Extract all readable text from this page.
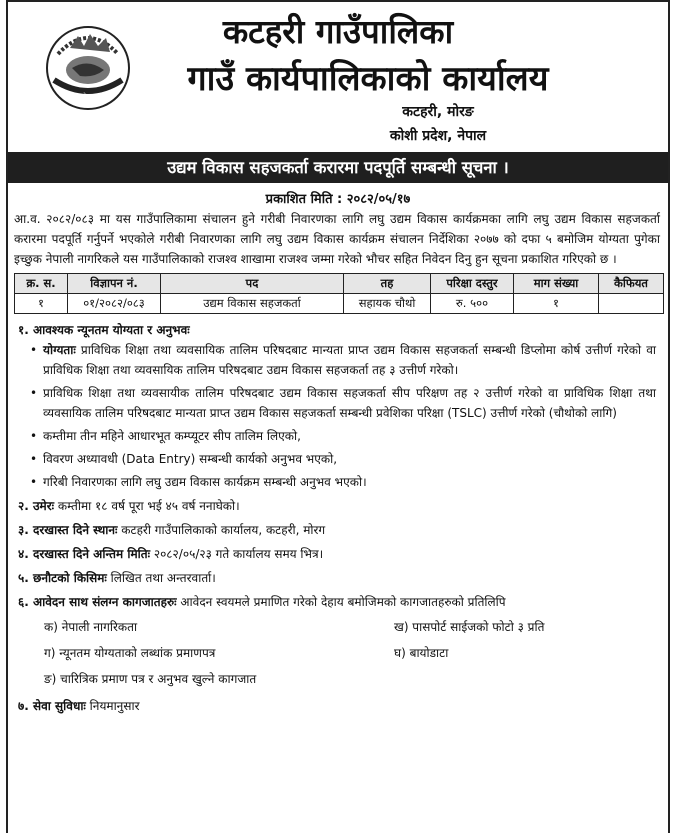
सत्यमेव जयते
कटहरी गाउँपालिका
गाउँ कार्यपालिकाको कार्यालय
कटहरी, मोरङ
कोशी प्रदेश, नेपाल
उद्यम विकास सहजकर्ता करारमा पदपूर्ति सम्बन्धी सूचना ।
प्रकाशित मिति : २०८२/०५/१७
आ.व. २०८२/०८३ मा यस गाउँपालिकामा संचालन हुने गरीबी निवारणका लागि लघु उद्यम विकास कार्यक्रमका लागि लघु उद्यम विकास सहजकर्ता करारमा पदपूर्ति गर्नुपर्ने भएकोले गरीबी निवारणका लागि लघु उद्यम विकास कार्यक्रम संचालन निर्देशिका २०७७ को दफा ५ बमोजिम योग्यता पुगेका इच्छुक नेपाली नागरिकले यस गाउँपालिकाको राजश्व शाखामा राजश्व जम्मा गरेको भौचर सहित निवेदन दिनु हुन सूचना प्रकाशित गरिएको छ ।
क्र. स.	विज्ञापन नं.	पद	तह	परिक्षा दस्तुर	माग संख्या	कैफियत
१	०१/२०८२/०८३	उद्यम विकास सहजकर्ता	सहायक चौथो	रु. ५००	१	
१. आवश्यक न्यूनतम योग्यता र अनुभवः
• योग्यताः प्राविधिक शिक्षा तथा व्यवसायिक तालिम परिषदबाट मान्यता प्राप्त उद्यम विकास सहजकर्ता सम्बन्धी डिप्लोमा कोर्ष उत्तीर्ण गरेको वा प्राविधिक शिक्षा तथा व्यवसायिक तालिम परिषदबाट उद्यम विकास सहजकर्ता तह ३ उत्तीर्ण गरेको।
• प्राविधिक शिक्षा तथा व्यवसायीक तालिम परिषदबाट उद्यम विकास सहजकर्ता सीप परिक्षण तह २ उत्तीर्ण गरेको वा प्राविधिक शिक्षा तथा व्यवसायिक तालिम परिषदबाट मान्यता प्राप्त उद्यम विकास सहजकर्ता सम्बन्धी प्रवेशिका परिक्षा (TSLC) उत्तीर्ण गरेको (चौथोको लागि)
• कम्तीमा तीन महिने आधारभूत कम्प्यूटर सीप तालिम लिएको,
• विवरण अध्यावधी (Data Entry) सम्बन्धी कार्यको अनुभव भएको,
• गरिबी निवारणका लागि लघु उद्यम विकास कार्यक्रम सम्बन्धी अनुभव भएको।
२. उमेरः कम्तीमा १८ वर्ष पूरा भई ४५ वर्ष ननाघेको।
३. दरखास्त दिने स्थानः कटहरी गाउँपालिकाको कार्यालय, कटहरी, मोरग
४. दरखास्त दिने अन्तिम मितिः २०८२/०५/२३ गते कार्यालय समय भित्र।
५. छनौटको किसिमः लिखित तथा अन्तरवार्ता।
६. आवेदन साथ संलग्न कागजातहरुः आवेदन स्वयमले प्रमाणित गरेको देहाय बमोजिमको कागजातहरुको प्रतिलिपि
क) नेपाली नागरिकता	ख) पासपोर्ट साईजको फोटो ३ प्रति
ग) न्यूनतम योग्यताको लब्धांक प्रमाणपत्र	घ) बायोडाटा
ङ) चारित्रिक प्रमाण पत्र र अनुभव खुल्ने कागजात
७. सेवा सुविधाः नियमानुसार
